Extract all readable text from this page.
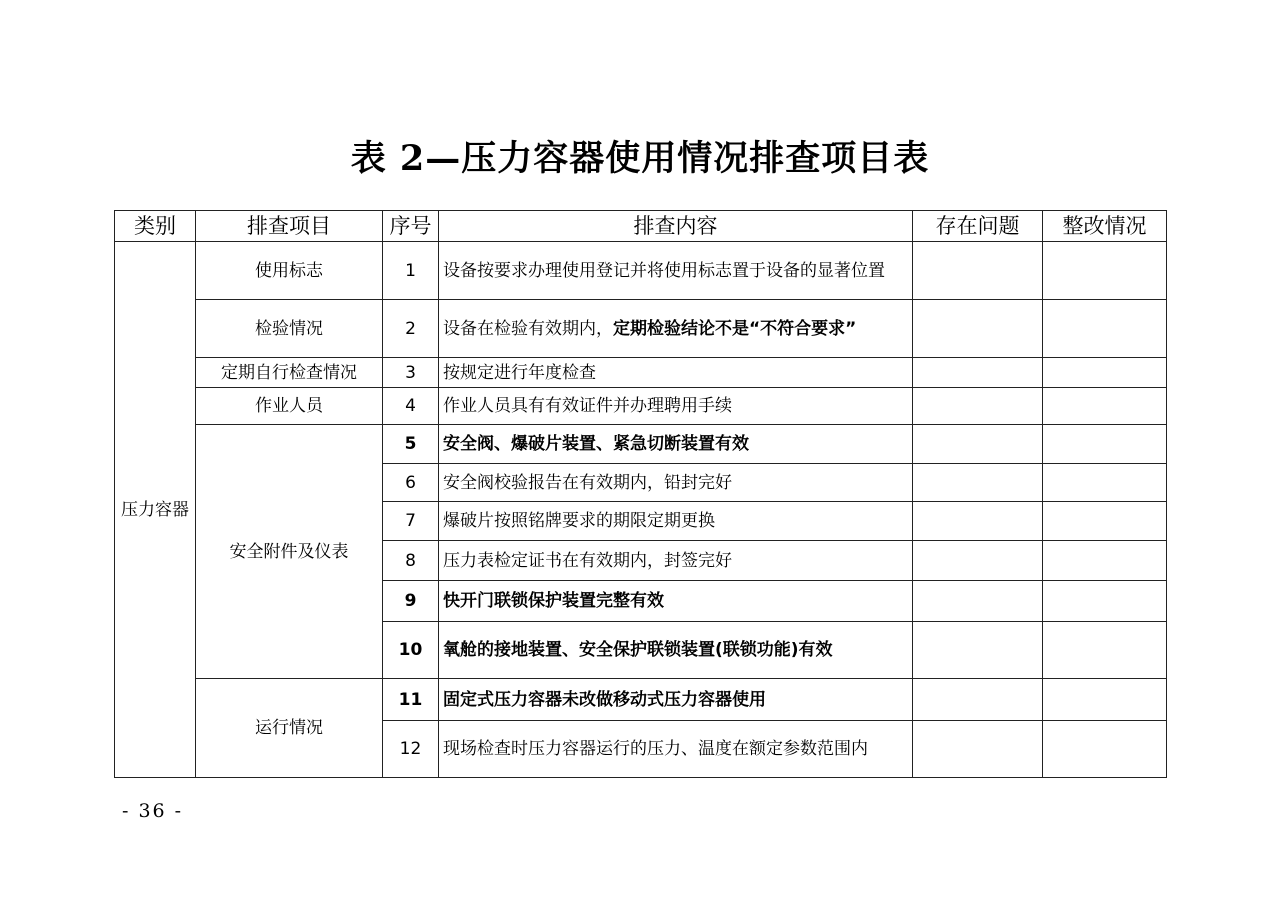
表 2—压力容器使用情况排查项目表
类别	排查项目	序号	排查内容	存在问题	整改情况
压力容器	使用标志	1	设备按要求办理使用登记并将使用标志置于设备的显著位置		
	检验情况	2	设备在检验有效期内，定期检验结论不是“不符合要求”		
	定期自行检查情况	3	按规定进行年度检查		
	作业人员	4	作业人员具有有效证件并办理聘用手续		
	安全附件及仪表	5	安全阀、爆破片装置、紧急切断装置有效		
		6	安全阀校验报告在有效期内，铅封完好		
		7	爆破片按照铭牌要求的期限定期更换		
		8	压力表检定证书在有效期内，封签完好		
		9	快开门联锁保护装置完整有效		
		10	氧舱的接地装置、安全保护联锁装置(联锁功能)有效		
	运行情况	11	固定式压力容器未改做移动式压力容器使用		
		12	现场检查时压力容器运行的压力、温度在额定参数范围内		
- 36 -
